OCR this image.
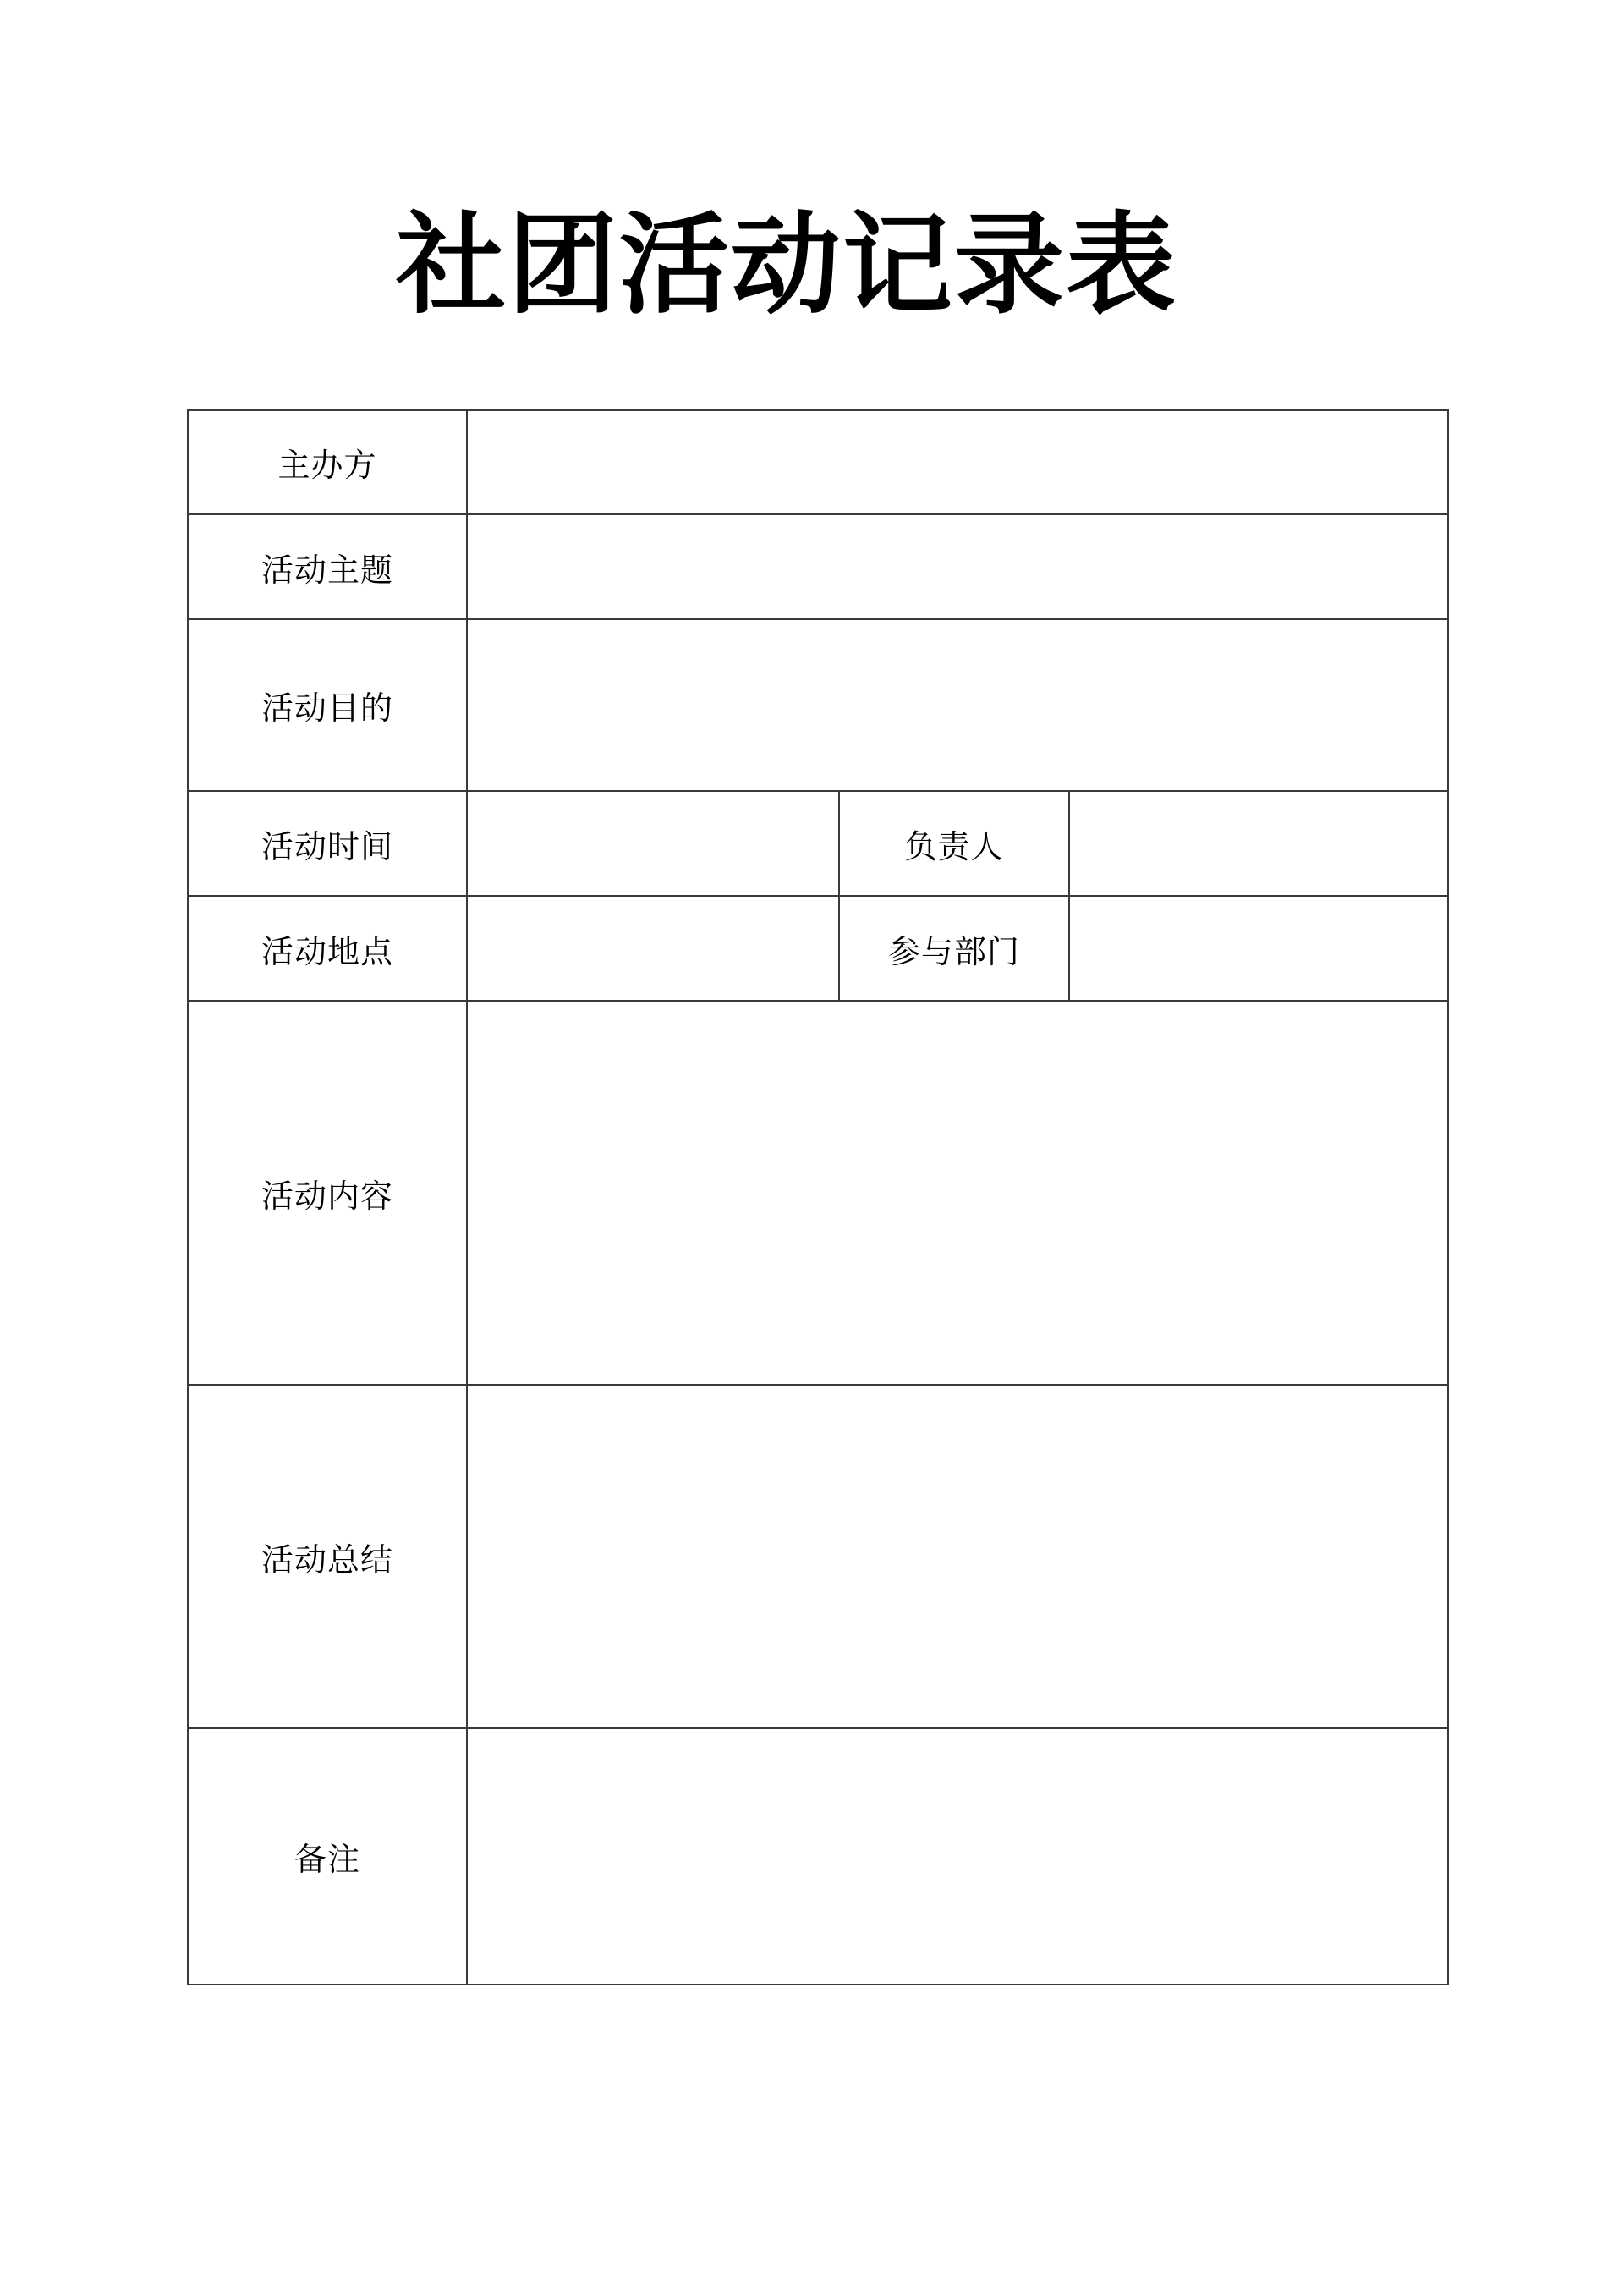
社团活动记录表
主办方			
活动主题			
活动目的			
活动时间		负责人	
活动地点		参与部门	
活动内容			
活动总结			
备注			
